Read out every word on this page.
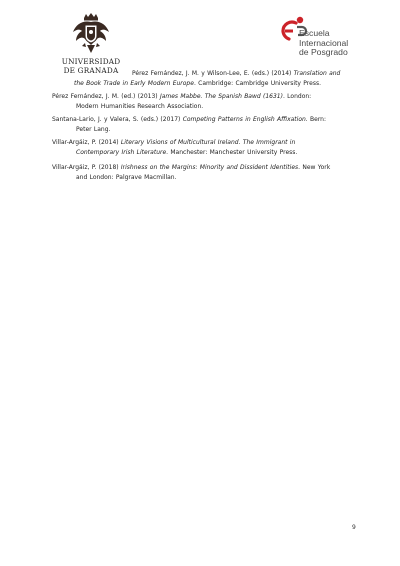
UNIVERSIDAD
DE GRANADA
Escuela
Internacional
de Posgrado
Pérez Fernández, J. M. y Wilson-Lee, E. (eds.) (2014) Translation and
the Book Trade in Early Modern Europe. Cambridge: Cambridge University Press.
Pérez Fernández, J. M. (ed.) (2013) James Mabbe. The Spanish Bawd (1631). London:
Modern Humanities Research Association.
Santana-Lario, J. y Valera, S. (eds.) (2017) Competing Patterns in English Affixation. Bern:
Peter Lang.
Villar-Argáiz, P. (2014) Literary Visions of Multicultural Ireland. The Immigrant in
Contemporary Irish Literature. Manchester: Manchester University Press.
Villar-Argáiz, P. (2018) Irishness on the Margins: Minority and Dissident Identities. New York
and London: Palgrave Macmillan.
9
